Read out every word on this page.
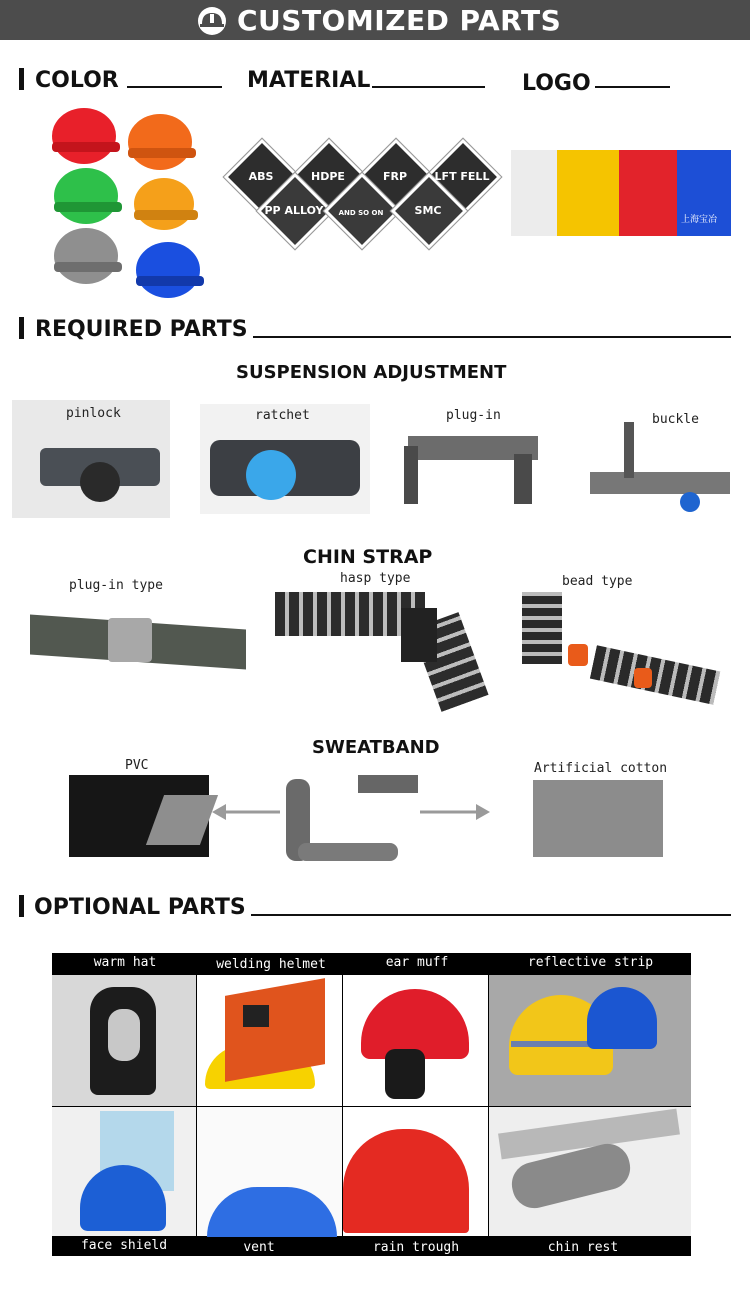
CUSTOMIZED PARTS
COLOR	MATERIAL
ABS	HDPE	FRP	LFT FELL
PP ALLOY	AND SO ON	SMC
LOGO
上海宝冶
REQUIRED PARTS
SUSPENSION ADJUSTMENT
pinlock	ratchet	plug-in	buckle
CHIN STRAP
plug-in type	hasp type	bead type
SWEATBAND
PVC	Artificial cotton
OPTIONAL PARTS
warm hat	welding helmet	ear muff	reflective strip
face shield	vent	rain trough	chin rest
